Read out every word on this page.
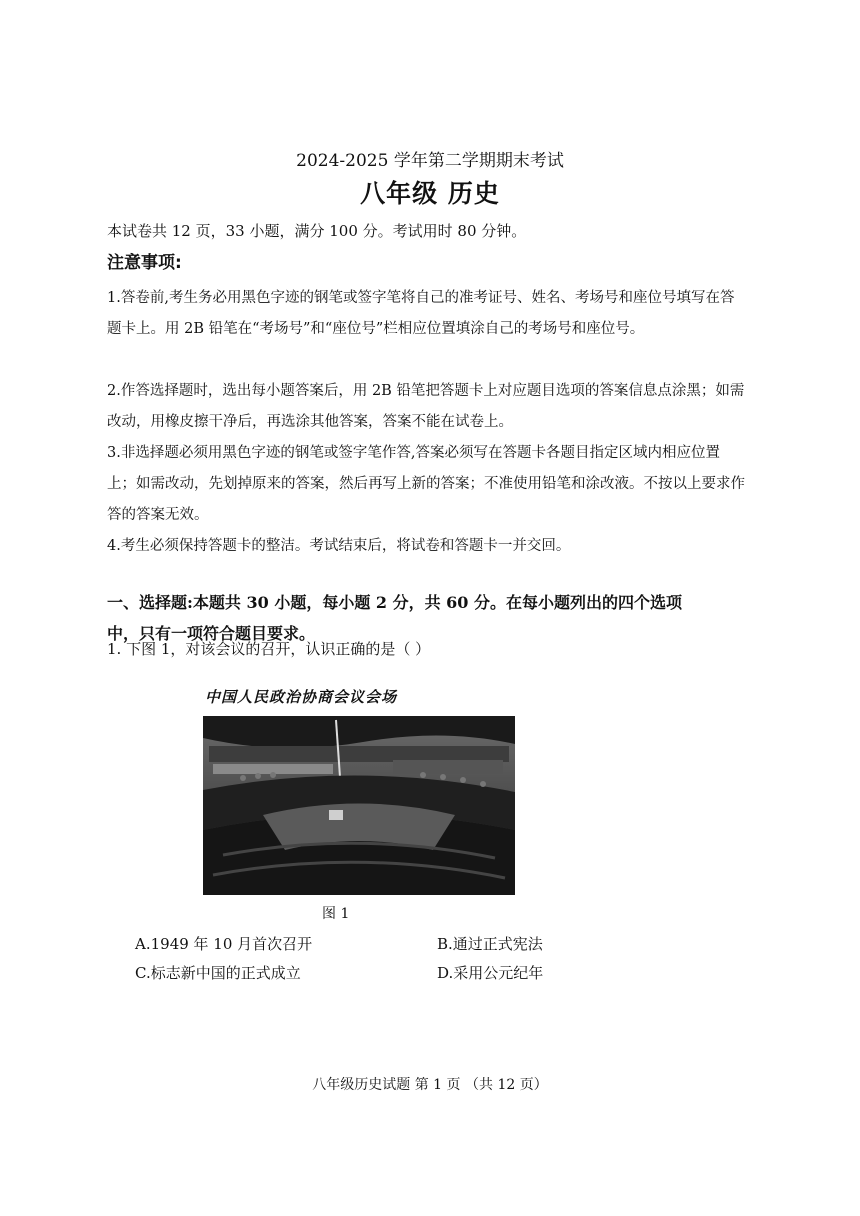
2024-2025 学年第二学期期末考试
八年级 历史
本试卷共 12 页，33 小题，满分 100 分。考试用时 80 分钟。
注意事项:
1.答卷前,考生务必用黑色字迹的钢笔或签字笔将自己的准考证号、姓名、考场号和座位号填写在答题卡上。用 2B 铅笔在“考场号”和“座位号”栏相应位置填涂自己的考场号和座位号。
2.作答选择题时，选出每小题答案后，用 2B 铅笔把答题卡上对应题目选项的答案信息点涂黑；如需改动，用橡皮擦干净后，再选涂其他答案，答案不能在试卷上。
3.非选择题必须用黑色字迹的钢笔或签字笔作答,答案必须写在答题卡各题目指定区域内相应位置上；如需改动，先划掉原来的答案，然后再写上新的答案；不准使用铅笔和涂改液。不按以上要求作答的答案无效。
4.考生必须保持答题卡的整洁。考试结束后，将试卷和答题卡一并交回。
一、选择题:本题共 30 小题，每小题 2 分，共 60 分。在每小题列出的四个选项中，只有一项符合题目要求。
1. 下图 1，对该会议的召开，认识正确的是（ ）
中国人民政治协商会议会场
图 1
A.1949 年 10 月首次召开	B.通过正式宪法
C.标志新中国的正式成立	D.采用公元纪年
八年级历史试题 第 1 页 （共 12 页）
